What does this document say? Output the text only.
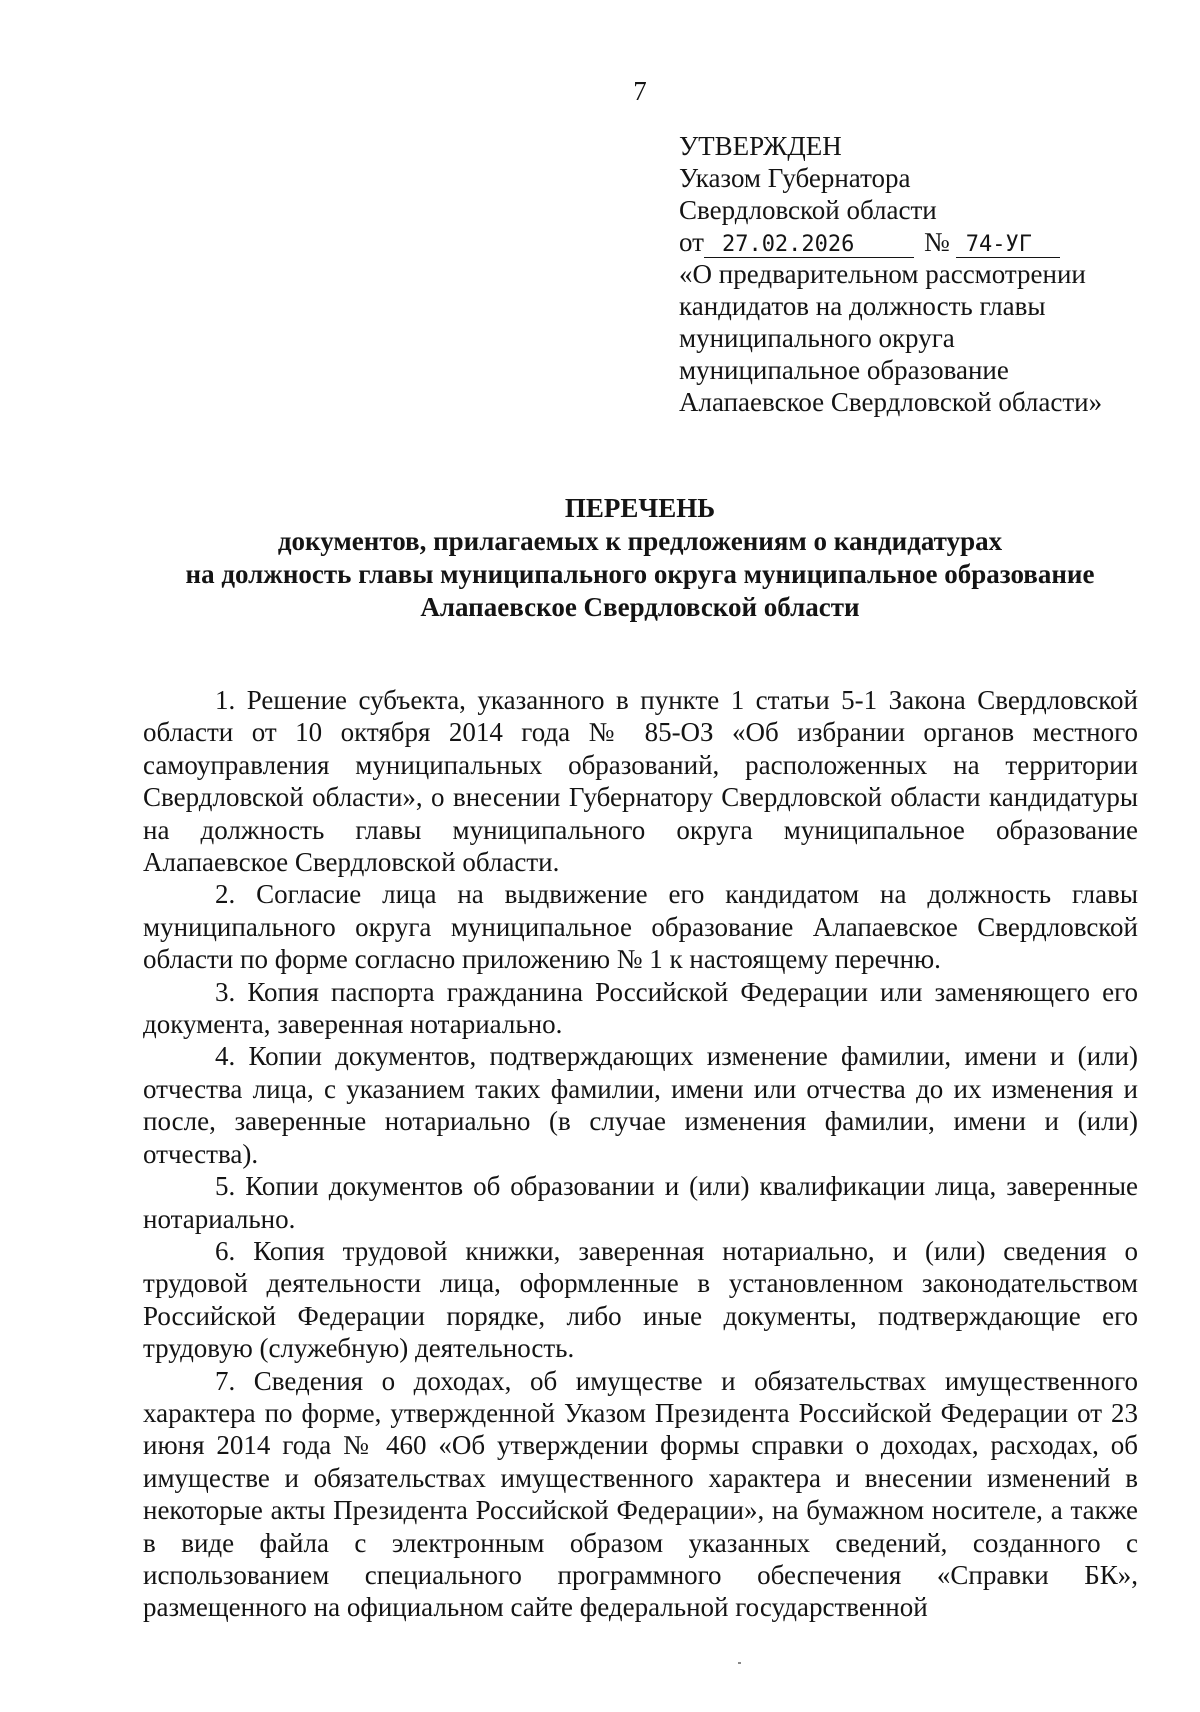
7
УТВЕРЖДЕН
Указом Губернатора
Свердловской области
от 27.02.2026	№ 74-УГ
«О предварительном рассмотрении
кандидатов на должность главы
муниципального округа
муниципальное образование
Алапаевское Свердловской области»
ПЕРЕЧЕНЬ
документов, прилагаемых к предложениям о кандидатурах
на должность главы муниципального округа муниципальное образование
Алапаевское Свердловской области

1. Решение субъекта, указанного в пункте 1 статьи 5-1 Закона Свердловской области от 10 октября 2014 года № 85-ОЗ «Об избрании органов местного самоуправления муниципальных образований, расположенных на территории Свердловской области», о внесении Губернатору Свердловской области кандидатуры на должность главы муниципального округа муниципальное образование Алапаевское Свердловской области.

2. Согласие лица на выдвижение его кандидатом на должность главы муниципального округа муниципальное образование Алапаевское Свердловской области по форме согласно приложению № 1 к настоящему перечню.

3. Копия паспорта гражданина Российской Федерации или заменяющего его документа, заверенная нотариально.

4. Копии документов, подтверждающих изменение фамилии, имени и (или) отчества лица, с указанием таких фамилии, имени или отчества до их изменения и после, заверенные нотариально (в случае изменения фамилии, имени и (или) отчества).

5. Копии документов об образовании и (или) квалификации лица, заверенные нотариально.

6. Копия трудовой книжки, заверенная нотариально, и (или) сведения о трудовой деятельности лица, оформленные в установленном законодательством Российской Федерации порядке, либо иные документы, подтверждающие его трудовую (служебную) деятельность.

7. Сведения о доходах, об имуществе и обязательствах имущественного характера по форме, утвержденной Указом Президента Российской Федерации от 23 июня 2014 года № 460 «Об утверждении формы справки о доходах, расходах, об имуществе и обязательствах имущественного характера и внесении изменений в некоторые акты Президента Российской Федерации», на бумажном носителе, а также в виде файла с электронным образом указанных сведений, созданного с использованием специального программного обеспечения «Справки БК», размещенного на официальном сайте федеральной государственной
